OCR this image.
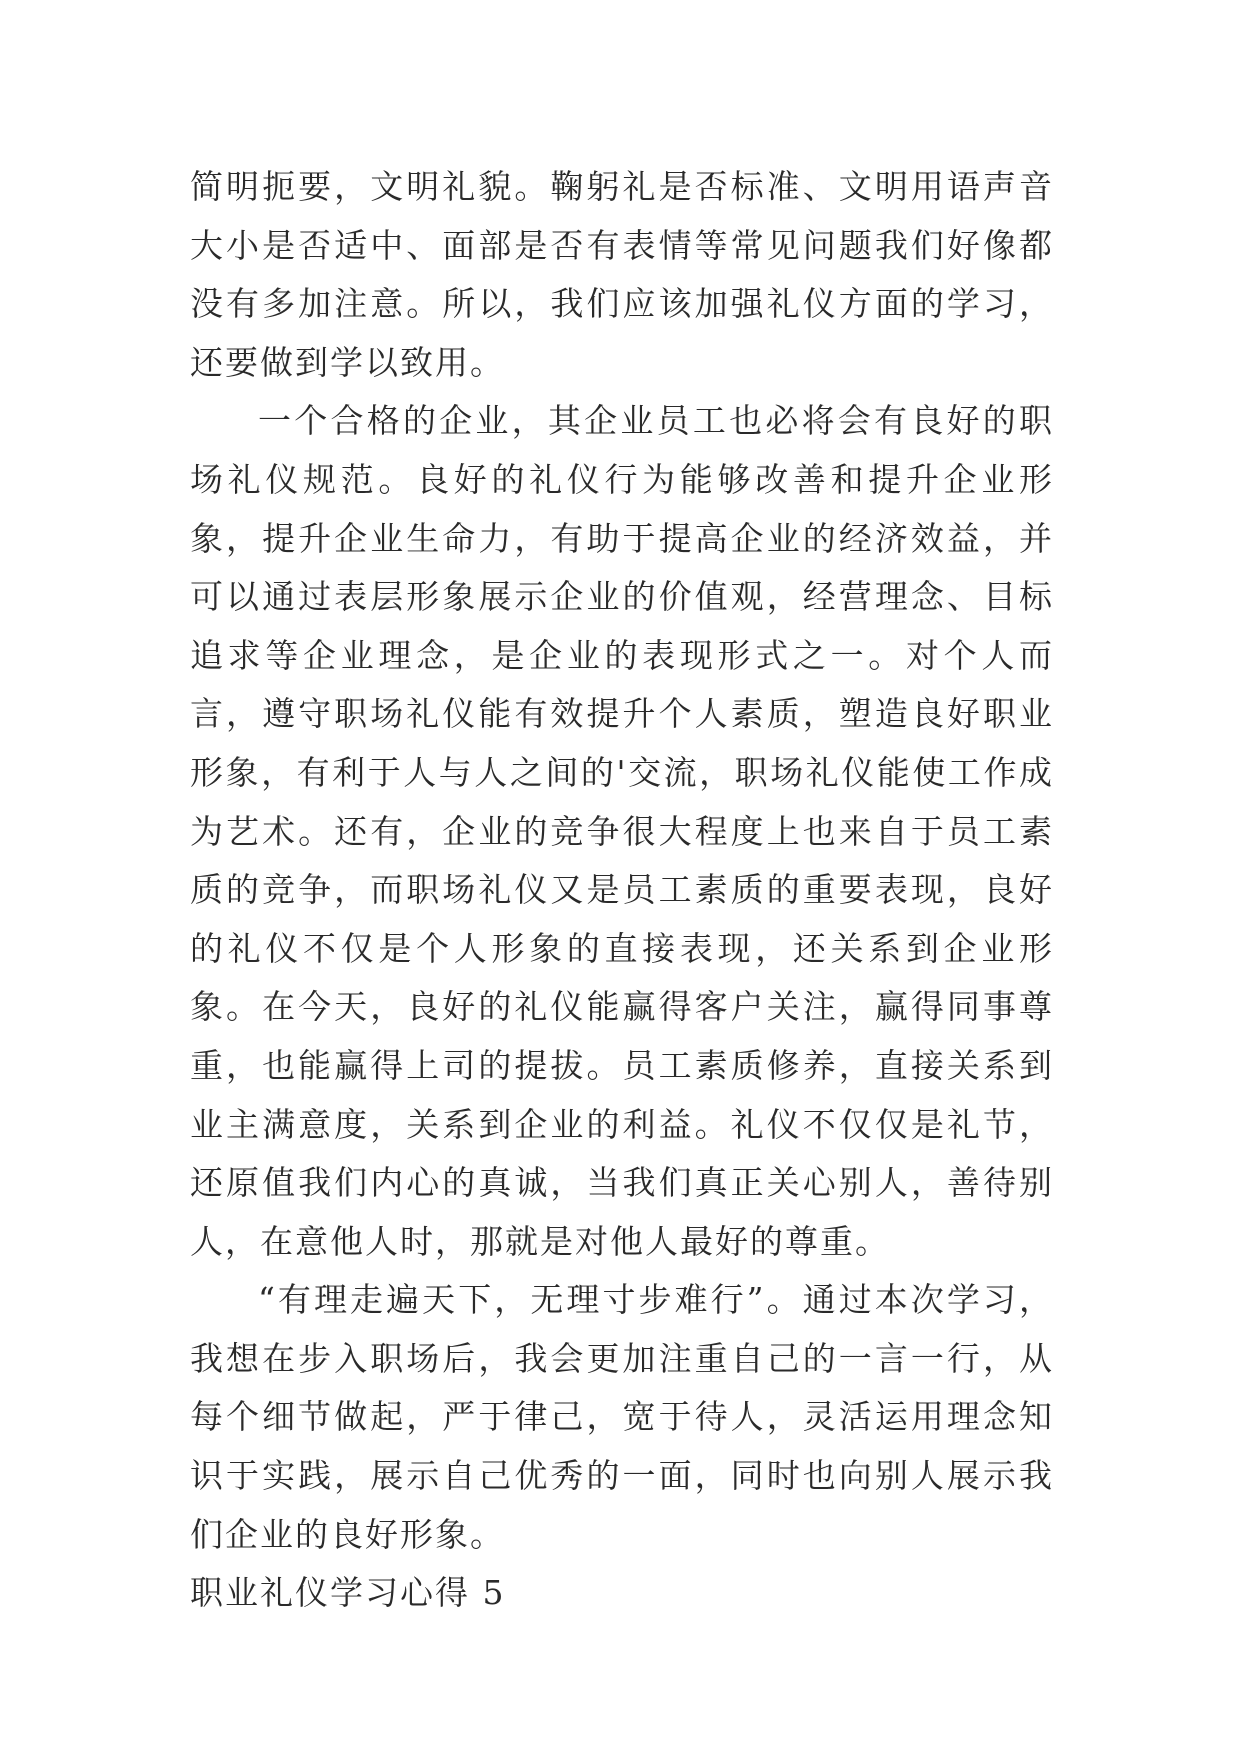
简明扼要，文明礼貌。鞠躬礼是否标准、文明用语声音大小是否适中、面部是否有表情等常见问题我们好像都没有多加注意。所以，我们应该加强礼仪方面的学习，还要做到学以致用。

一个合格的企业，其企业员工也必将会有良好的职场礼仪规范。良好的礼仪行为能够改善和提升企业形象，提升企业生命力，有助于提高企业的经济效益，并可以通过表层形象展示企业的价值观，经营理念、目标追求等企业理念，是企业的表现形式之一。对个人而言，遵守职场礼仪能有效提升个人素质，塑造良好职业形象，有利于人与人之间的'交流，职场礼仪能使工作成为艺术。还有，企业的竞争很大程度上也来自于员工素质的竞争，而职场礼仪又是员工素质的重要表现，良好的礼仪不仅是个人形象的直接表现，还关系到企业形象。在今天，良好的礼仪能赢得客户关注，赢得同事尊重，也能赢得上司的提拔。员工素质修养，直接关系到业主满意度，关系到企业的利益。礼仪不仅仅是礼节，还原值我们内心的真诚，当我们真正关心别人，善待别人，在意他人时，那就是对他人最好的尊重。

“有理走遍天下，无理寸步难行”。通过本次学习，我想在步入职场后，我会更加注重自己的一言一行，从每个细节做起，严于律己，宽于待人，灵活运用理念知识于实践，展示自己优秀的一面，同时也向别人展示我们企业的良好形象。

职业礼仪学习心得 5
